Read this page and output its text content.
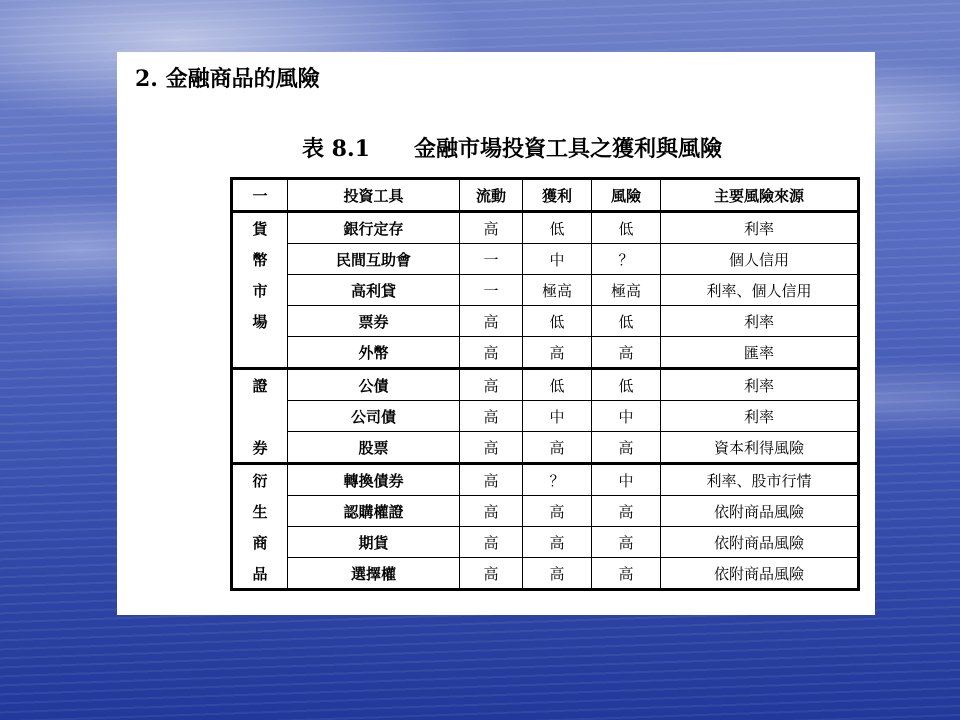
2. 金融商品的風險
表 8.1 金融市場投資工具之獲利與風險
一	投資工具	流動	獲利	風險	主要風險來源
貨	銀行定存	高	低	低	利率
幣	民間互助會	一	中	？	個人信用
市	高利貸	一	極高	極高	利率、個人信用
場	票券	高	低	低	利率
	外幣	高	高	高	匯率
證	公債	高	低	低	利率
	公司債	高	中	中	利率
券	股票	高	高	高	資本利得風險
衍	轉換債券	高	？	中	利率、股市行情
生	認購權證	高	高	高	依附商品風險
商	期貨	高	高	高	依附商品風險
品	選擇權	高	高	高	依附商品風險
